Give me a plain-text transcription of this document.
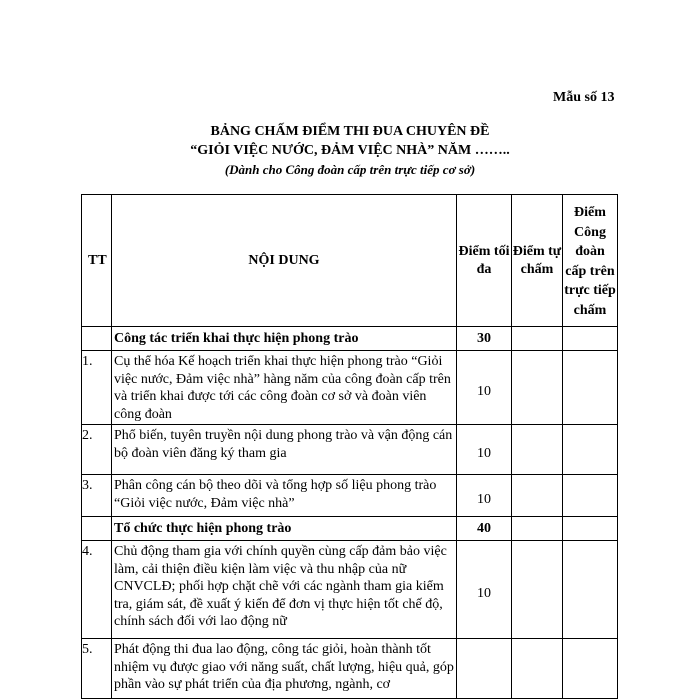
Mẫu số 13
BẢNG CHẤM ĐIỂM THI ĐUA CHUYÊN ĐỀ
“GIỎI VIỆC NƯỚC, ĐẢM VIỆC NHÀ” NĂM ……..
(Dành cho Công đoàn cấp trên trực tiếp cơ sở)
TT	NỘI DUNG	Điểm tối đa	Điểm tự chấm	Điểm Công đoàn cấp trên trực tiếp chấm
	Công tác triển khai thực hiện phong trào	30		
1.	Cụ thể hóa Kế hoạch triển khai thực hiện phong trào “Giỏi việc nước, Đảm việc nhà” hàng năm của công đoàn cấp trên và triển khai được tới các công đoàn cơ sở và đoàn viên công đoàn	10		
2.	Phổ biến, tuyên truyền nội dung phong trào và vận động cán bộ đoàn viên đăng ký tham gia	10		
3.	Phân công cán bộ theo dõi và tổng hợp số liệu phong trào “Giỏi việc nước, Đảm việc nhà”	10		
	Tổ chức thực hiện phong trào	40		
4.	Chủ động tham gia với chính quyền cùng cấp đảm bảo việc làm, cải thiện điều kiện làm việc và thu nhập của nữ CNVCLĐ; phối hợp chặt chẽ với các ngành tham gia kiểm tra, giám sát, đề xuất ý kiến để đơn vị thực hiện tốt chế độ, chính sách đối với lao động nữ	10		
5.	Phát động thi đua lao động, công tác giỏi, hoàn thành tốt nhiệm vụ được giao với năng suất, chất lượng, hiệu quả, góp phần vào sự phát triển của địa phương, ngành, cơ			
